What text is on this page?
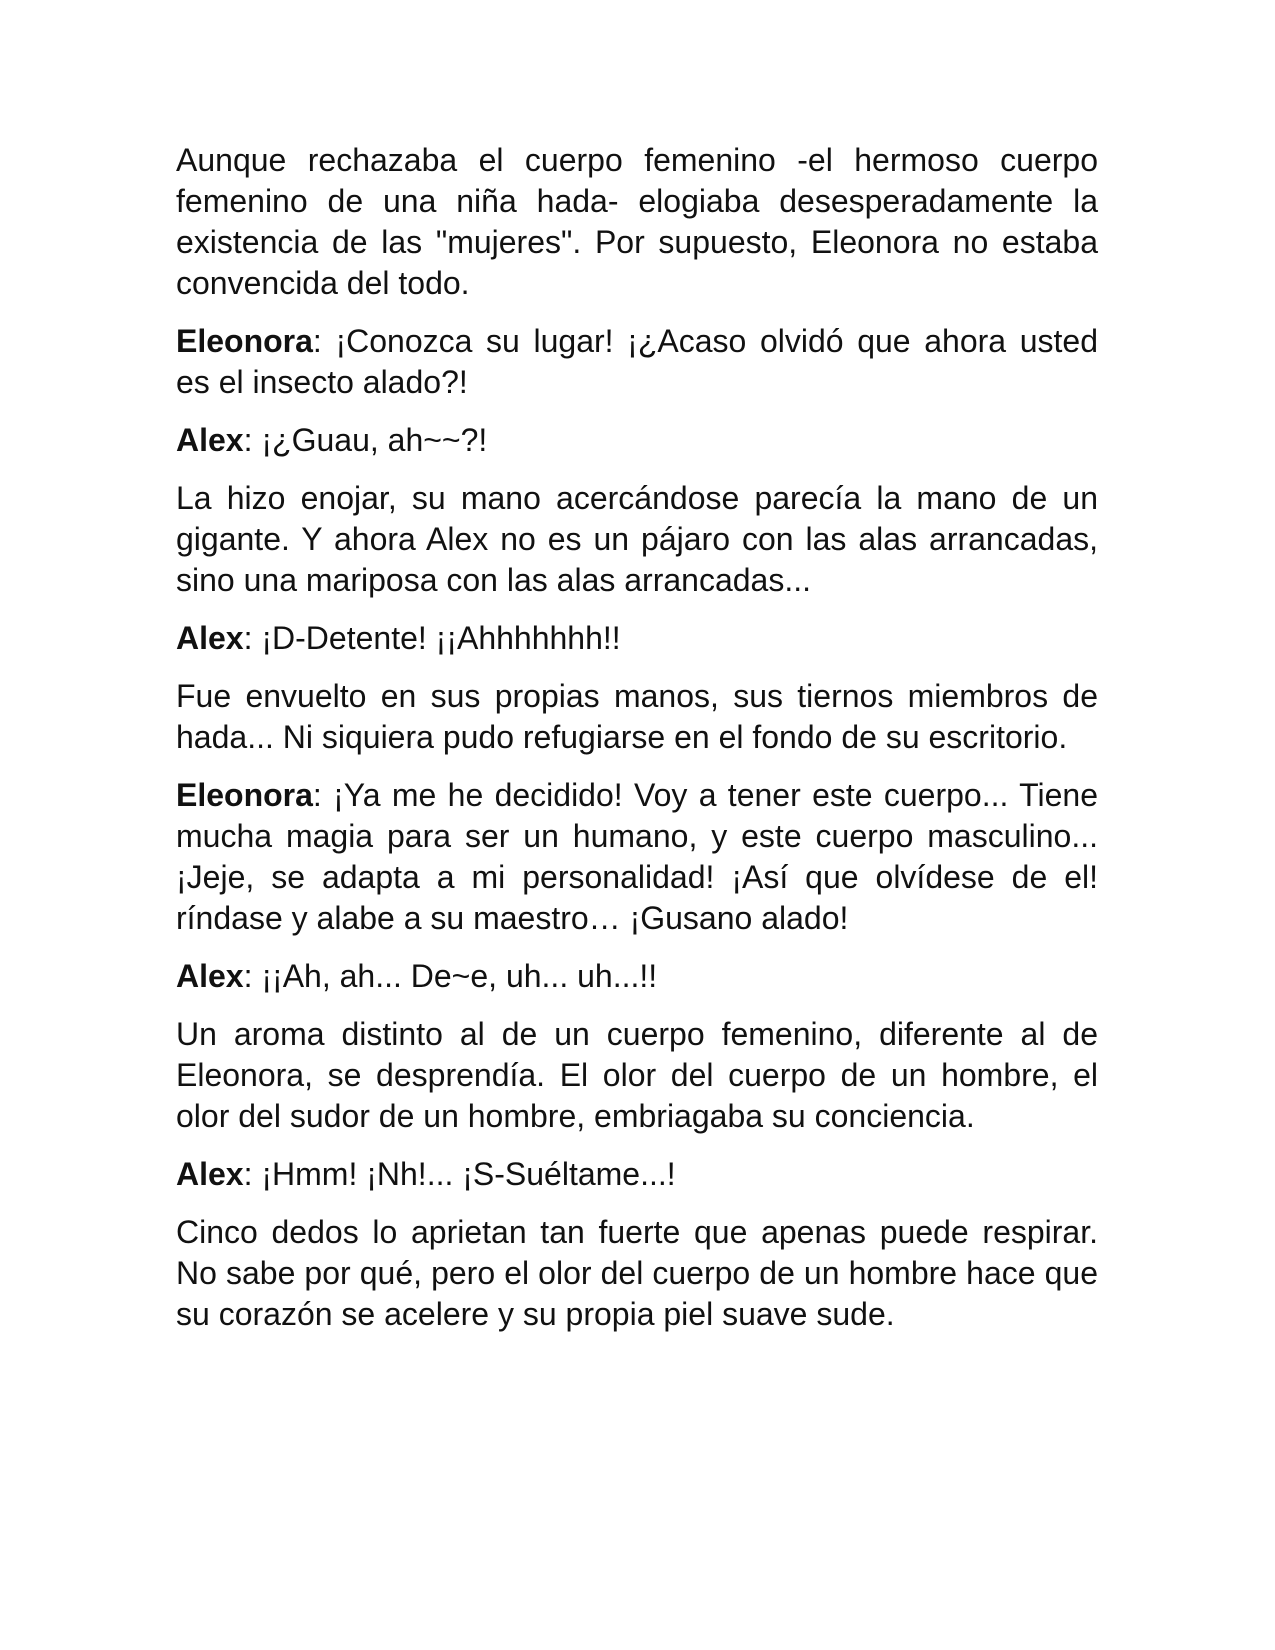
Aunque rechazaba el cuerpo femenino -el hermoso cuerpo femenino de una niña hada- elogiaba desesperadamente la existencia de las "mujeres". Por supuesto, Eleonora no estaba convencida del todo.

Eleonora: ¡Conozca su lugar! ¡¿Acaso olvidó que ahora usted es el insecto alado?!

Alex: ¡¿Guau, ah~~?!

La hizo enojar, su mano acercándose parecía la mano de un gigante. Y ahora Alex no es un pájaro con las alas arrancadas, sino una mariposa con las alas arrancadas...

Alex: ¡D-Detente! ¡¡Ahhhhhhh!!

Fue envuelto en sus propias manos, sus tiernos miembros de hada... Ni siquiera pudo refugiarse en el fondo de su escritorio.

Eleonora: ¡Ya me he decidido! Voy a tener este cuerpo... Tiene mucha magia para ser un humano, y este cuerpo masculino... ¡Jeje, se adapta a mi personalidad! ¡Así que olvídese de el! ríndase y alabe a su maestro… ¡Gusano alado!

Alex: ¡¡Ah, ah... De~e, uh... uh...!!

Un aroma distinto al de un cuerpo femenino, diferente al de Eleonora, se desprendía. El olor del cuerpo de un hombre, el olor del sudor de un hombre, embriagaba su conciencia.

Alex: ¡Hmm! ¡Nh!... ¡S-Suéltame...!

Cinco dedos lo aprietan tan fuerte que apenas puede respirar. No sabe por qué, pero el olor del cuerpo de un hombre hace que su corazón se acelere y su propia piel suave sude.
